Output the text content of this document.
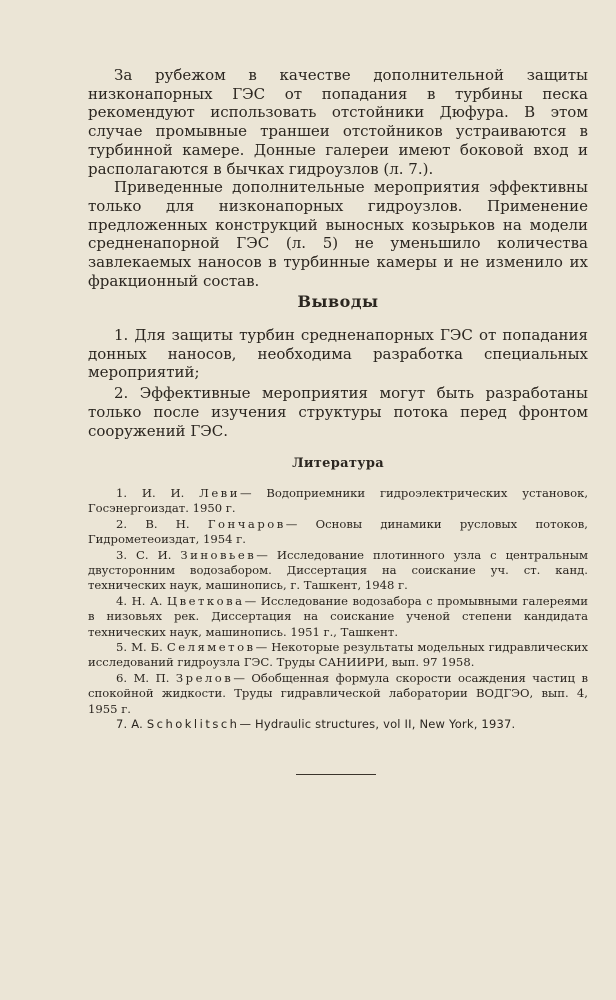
За рубежом в качестве дополнительной защиты низконапорных ГЭС от попадания в турбины песка рекомендуют использовать отстойники Дюфура. В этом случае промывные траншеи отстойников устраиваются в турбинной камере. Донные галереи имеют боковой вход и располагаются в бычках гидроузлов (л. 7.).

Приведенные дополнительные мероприятия эффективны только для низконапорных гидроузлов. Применение предложенных конструкций выносных козырьков на модели средненапорной ГЭС (л. 5) не уменьшило количества завлекаемых наносов в турбинные камеры и не изменило их фракционный состав.

Выводы

1. Для защиты турбин средненапорных ГЭС от попадания донных наносов, необходима разработка специальных мероприятий;

2. Эффективные мероприятия могут быть разработаны только после изучения структуры потока перед фронтом сооружений ГЭС.

Литература
1. И. И. Леви— Водоприемники гидроэлектрических установок, Госэнергоиздат. 1950 г.
2. В. Н. Гончаров— Основы динамики русловых потоков, Гидрометеоиздат, 1954 г.
3. С. И. Зиновьев— Исследование плотинного узла с центральным двусторонним водозабором. Диссертация на соискание уч. ст. канд. технических наук, машинопись, г. Ташкент, 1948 г.
4. Н. А. Цветкова— Исследование водозабора с промывными галереями в низовьях рек. Диссертация на соискание ученой степени кандидата технических наук, машинопись. 1951 г., Ташкент.
5. М. Б. Селяметов— Некоторые результаты модельных гидравлических исследований гидроузла ГЭС. Труды САНИИРИ, вып. 97 1958.
6. М. П. Зрелов— Обобщенная формула скорости осаждения частиц в спокойной жидкости. Труды гидравлической лаборатории ВОДГЭО, вып. 4, 1955 г.
7. A. Schoklitsch— Hydraulic structures, vol II, New York, 1937.
